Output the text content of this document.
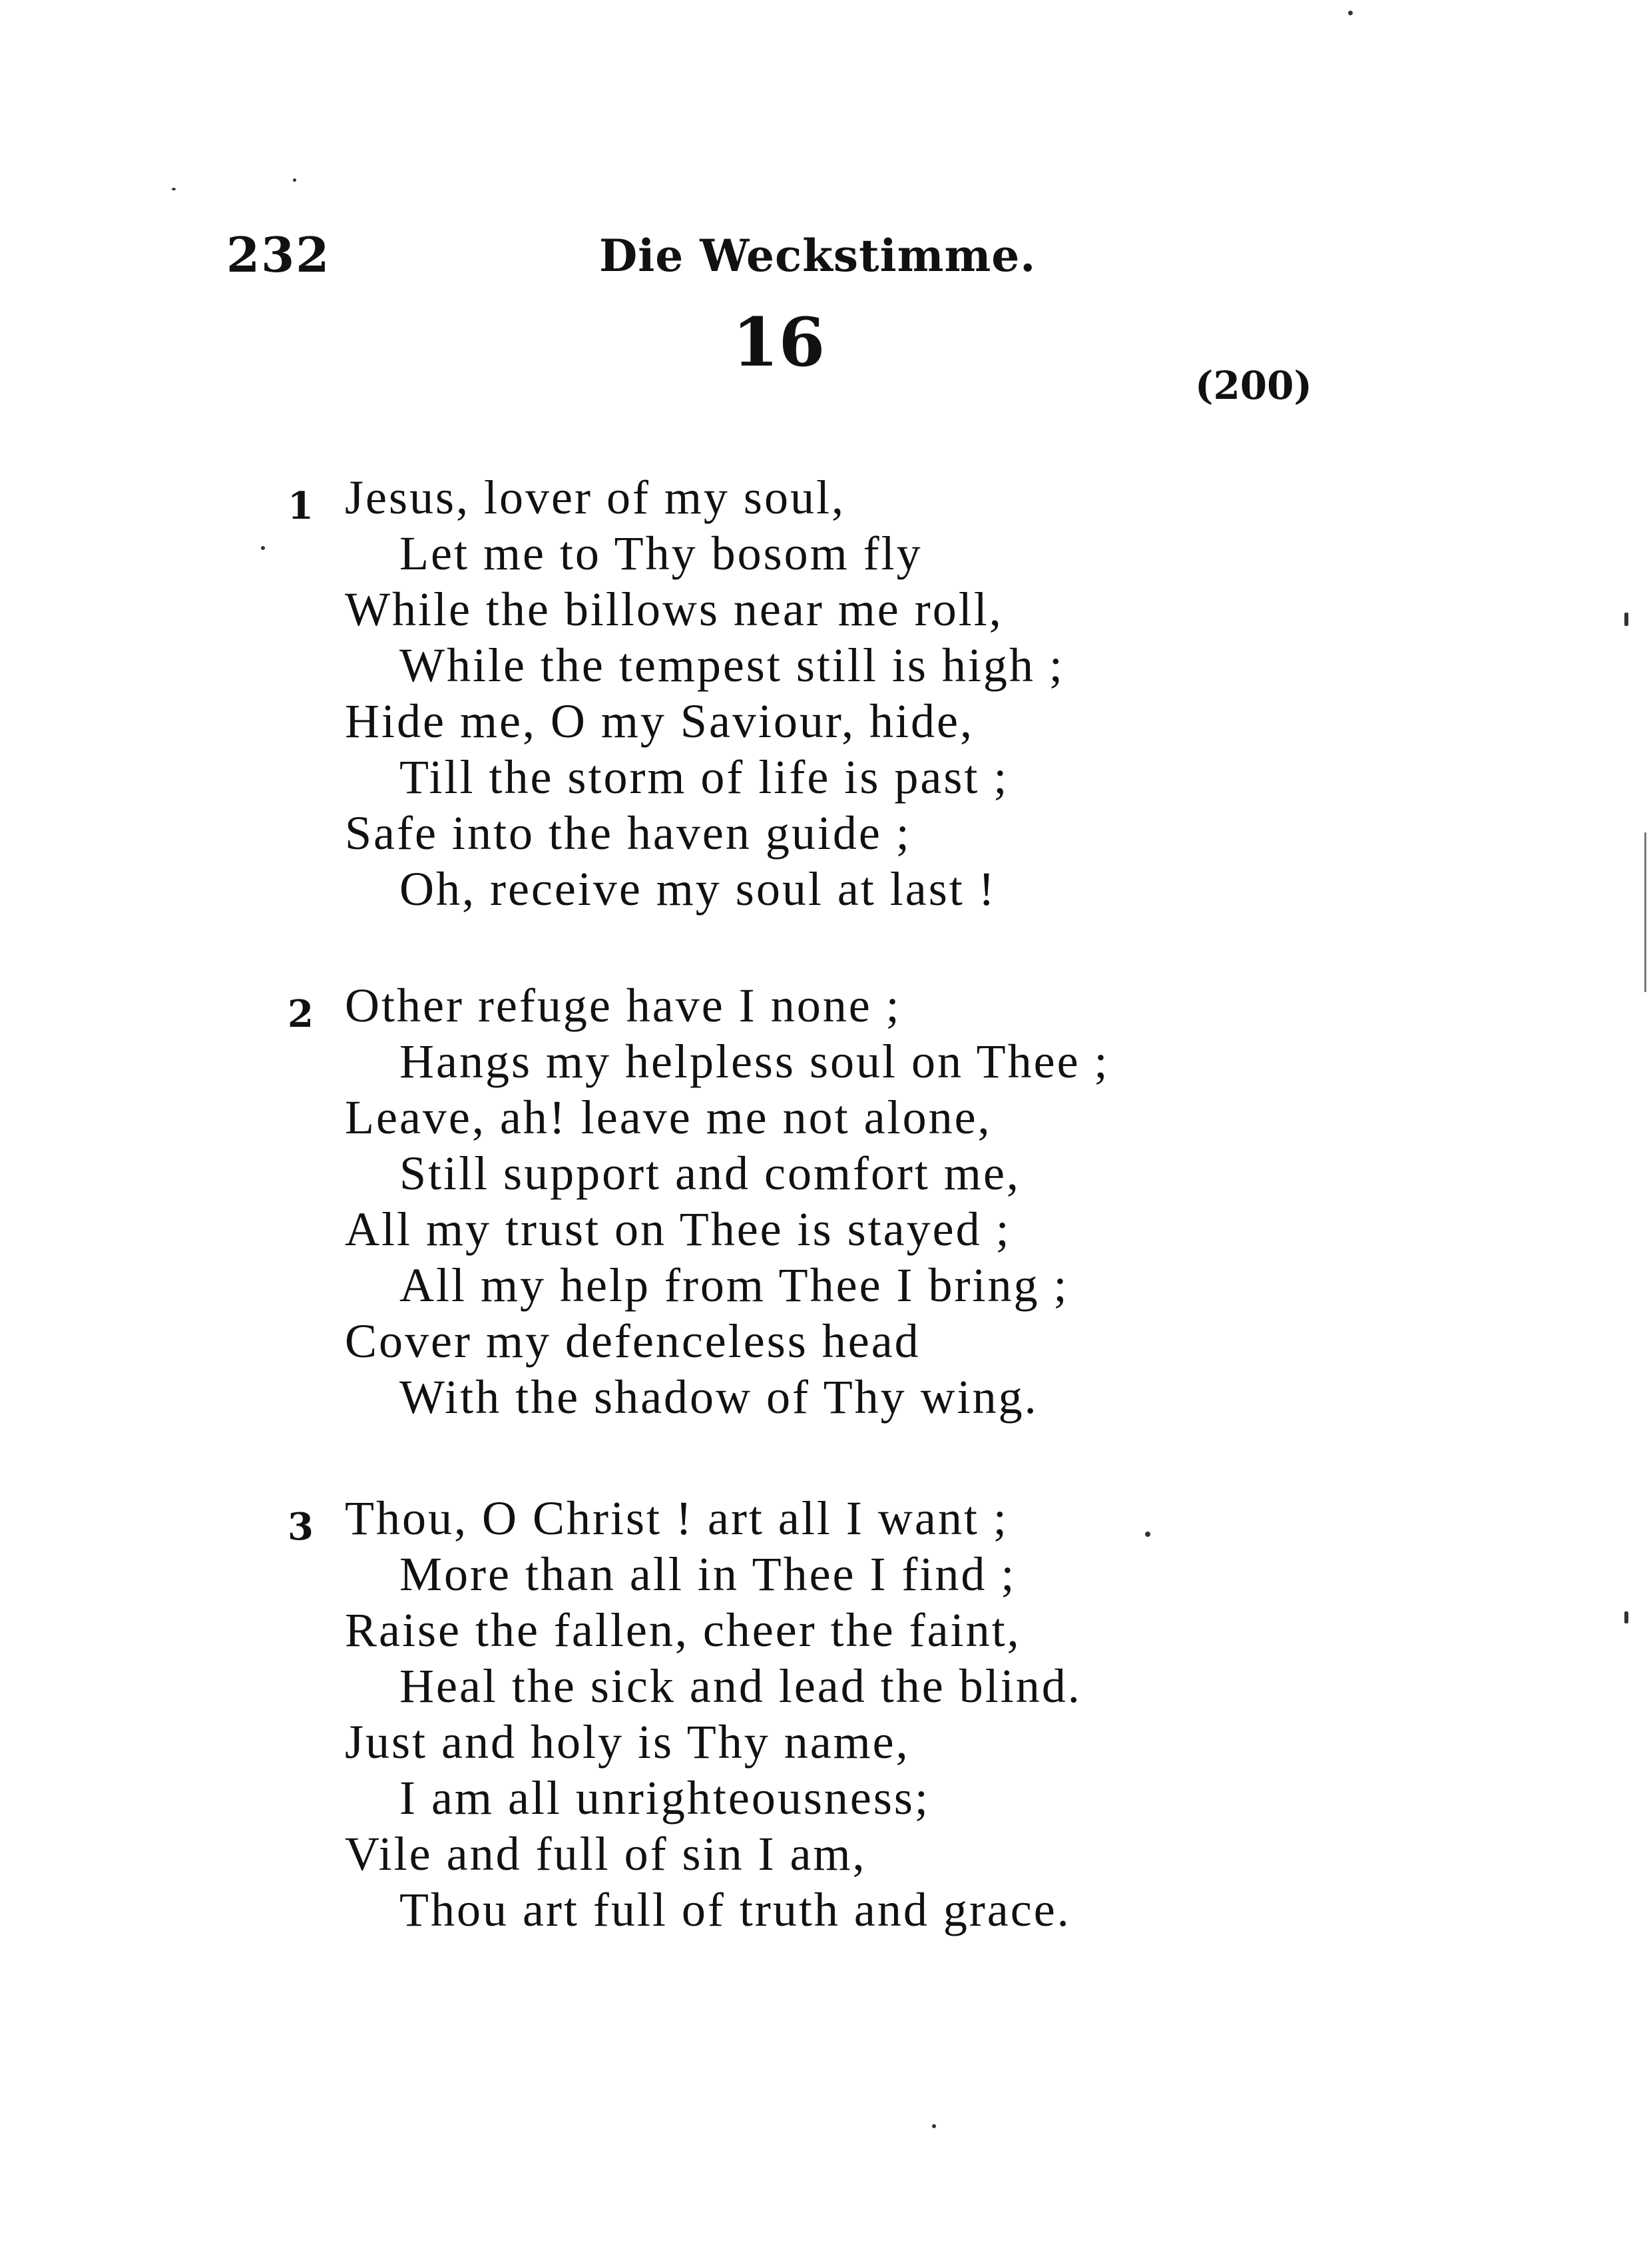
232	Die Weckstimme.
16
(200)
1 Jesus, lover of my soul,
Let me to Thy bosom fly
While the billows near me roll,
While the tempest still is high ;
Hide me, O my Saviour, hide,
Till the storm of life is past ;
Safe into the haven guide ;
Oh, receive my soul at last !
2 Other refuge have I none ;
Hangs my helpless soul on Thee ;
Leave, ah! leave me not alone,
Still support and comfort me,
All my trust on Thee is stayed ;
All my help from Thee I bring ;
Cover my defenceless head
With the shadow of Thy wing.
3 Thou, O Christ ! art all I want ;
More than all in Thee I find ;
Raise the fallen, cheer the faint,
Heal the sick and lead the blind.
Just and holy is Thy name,
I am all unrighteousness;
Vile and full of sin I am,
Thou art full of truth and grace.
